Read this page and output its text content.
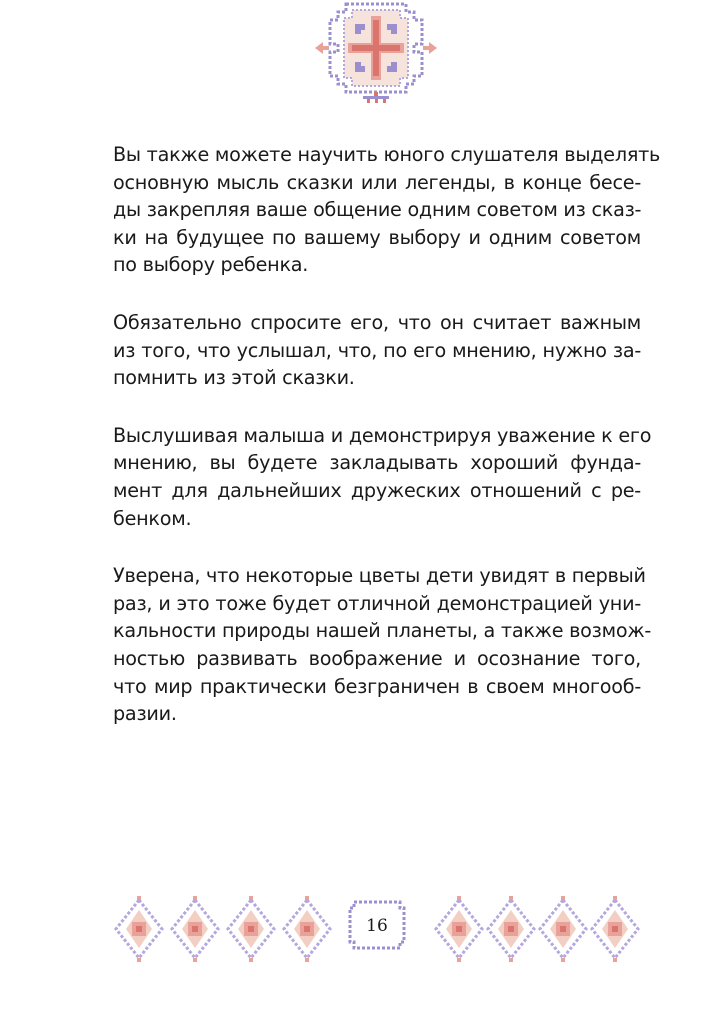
Вы также можете научить юного слушателя выделять
основную мысль сказки или легенды, в конце бесе-
ды закрепляя ваше общение одним советом из сказ-
ки на будущее по вашему выбору и одним советом
по выбору ребенка.

Обязательно спросите его, что он считает важным
из того, что услышал, что, по его мнению, нужно за-
помнить из этой сказки.

Выслушивая малыша и демонстрируя уважение к его
мнению, вы будете закладывать хороший фунда-
мент для дальнейших дружеских отношений с ре-
бенком.

Уверена, что некоторые цветы дети увидят в первый
раз, и это тоже будет отличной демонстрацией уни-
кальности природы нашей планеты, а также возмож-
ностью развивать воображение и осознание того,
что мир практически безграничен в своем многооб-
разии.

16
